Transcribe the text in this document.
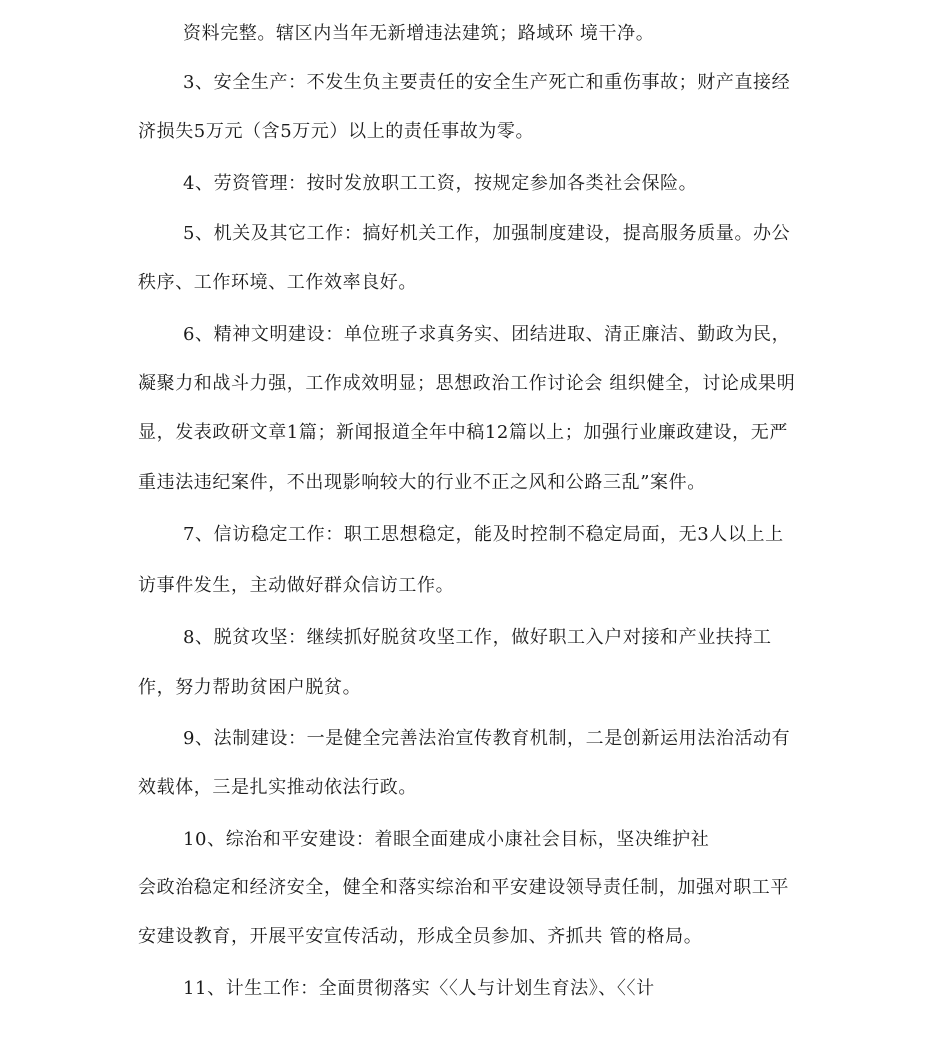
资料完整。辖区内当年无新增违法建筑；路域环 境干净。
3、安全生产：不发生负主要责任的安全生产死亡和重伤事故；财产直接经
济损失5万元（含5万元）以上的责任事故为零。
4、劳资管理：按时发放职工工资，按规定参加各类社会保险。
5、机关及其它工作：搞好机关工作，加强制度建设，提高服务质量。办公
秩序、工作环境、工作效率良好。
6、精神文明建设：单位班子求真务实、团结进取、清正廉洁、勤政为民，
凝聚力和战斗力强，工作成效明显；思想政治工作讨论会 组织健全，讨论成果明
显，发表政研文章1篇；新闻报道全年中稿12篇以上；加强行业廉政建设，无严
重违法违纪案件，不出现影响较大的行业不正之风和公路三乱”案件。
7、信访稳定工作：职工思想稳定，能及时控制不稳定局面，无3人以上上
访事件发生，主动做好群众信访工作。
8、脱贫攻坚：继续抓好脱贫攻坚工作，做好职工入户对接和产业扶持工
作，努力帮助贫困户脱贫。
9、法制建设：一是健全完善法治宣传教育机制，二是创新运用法治活动有
效载体，三是扎实推动依法行政。
10、综治和平安建设：着眼全面建成小康社会目标，坚决维护社
会政治稳定和经济安全，健全和落实综治和平安建设领导责任制，加强对职工平
安建设教育，开展平安宣传活动，形成全员参加、齐抓共 管的格局。
11、计生工作：全面贯彻落实〈〈人与计划生育法》、〈〈计
